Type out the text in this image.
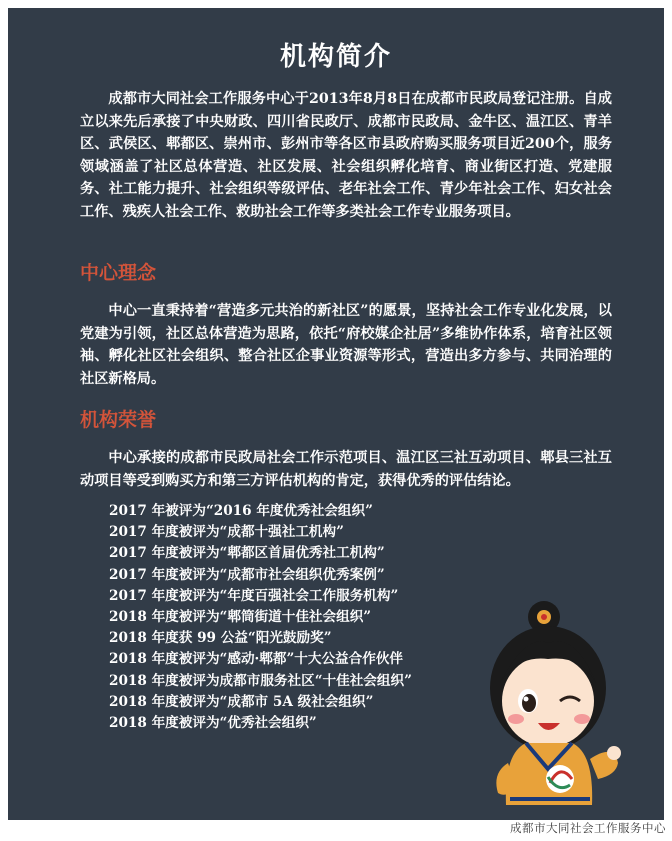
机构简介

成都市大同社会工作服务中心于2013年8月8日在成都市民政局登记注册。自成立以来先后承接了中央财政、四川省民政厅、成都市民政局、金牛区、温江区、青羊区、武侯区、郫都区、崇州市、彭州市等各区市县政府购买服务项目近200个，服务领域涵盖了社区总体营造、社区发展、社会组织孵化培育、商业街区打造、党建服务、社工能力提升、社会组织等级评估、老年社会工作、青少年社会工作、妇女社会工作、残疾人社会工作、救助社会工作等多类社会工作专业服务项目。

中心理念

中心一直秉持着“营造多元共治的新社区”的愿景，坚持社会工作专业化发展，以党建为引领，社区总体营造为思路，依托“府校媒企社居”多维协作体系，培育社区领袖、孵化社区社会组织、整合社区企事业资源等形式，营造出多方参与、共同治理的社区新格局。

机构荣誉

中心承接的成都市民政局社会工作示范项目、温江区三社互动项目、郫县三社互动项目等受到购买方和第三方评估机构的肯定，获得优秀的评估结论。

2017 年被评为“2016 年度优秀社会组织”
2017 年度被评为“成都十强社工机构”
2017 年度被评为“郫都区首届优秀社工机构”
2017 年度被评为“成都市社会组织优秀案例”
2017 年度被评为“年度百强社会工作服务机构”
2018 年度被评为“郫筒街道十佳社会组织”
2018 年度获 99 公益“阳光鼓励奖”
2018 年度被评为“感动·郫都”十大公益合作伙伴
2018 年度被评为成都市服务社区“十佳社会组织”
2018 年度被评为“成都市 5A 级社会组织”
2018 年度被评为“优秀社会组织”
成都市大同社会工作服务中心
